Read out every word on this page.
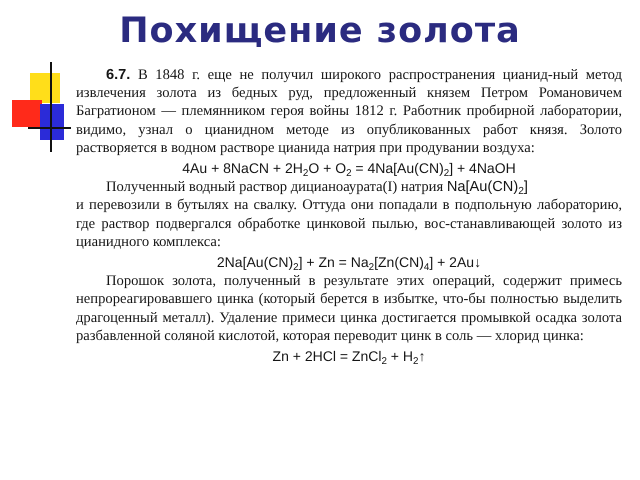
Похищение золота

6.7. В 1848 г. еще не получил широкого распространения цианид-ный метод извлечения золота из бедных руд, предложенный князем Петром Романовичем Багратионом — племянником героя войны 1812 г. Работник пробирной лаборатории, видимо, узнал о цианидном методе из опубликованных работ князя. Золото растворяется в водном растворе цианида натрия при продувании воздуха:

4Au + 8NaCN + $2H_2O + O_2 = 4Na[Au(CN)_2]$ + 4NaOH

Полученный водный раствор дицианоаурата(I) натрия $Na[Au(CN)_2]$

и перевозили в бутылях на свалку. Оттуда они попадали в подпольную лабораторию, где раствор подвергался обработке цинковой пылью, вос-станавливающей золото из цианидного комплекса:

$2Na[Au(CN)_2] + Zn = Na_2[Zn(CN)_4]$ + 2Au↓

Порошок золота, полученный в результате этих операций, содержит примесь непрореагировавшего цинка (который берется в избытке, что-бы полностью выделить драгоценный металл). Удаление примеси цинка достигается промывкой осадка золота разбавленной соляной кислотой, которая переводит цинк в соль — хлорид цинка:

Zn + 2HCl = ZnCl$_2$ + $H_2↑$
